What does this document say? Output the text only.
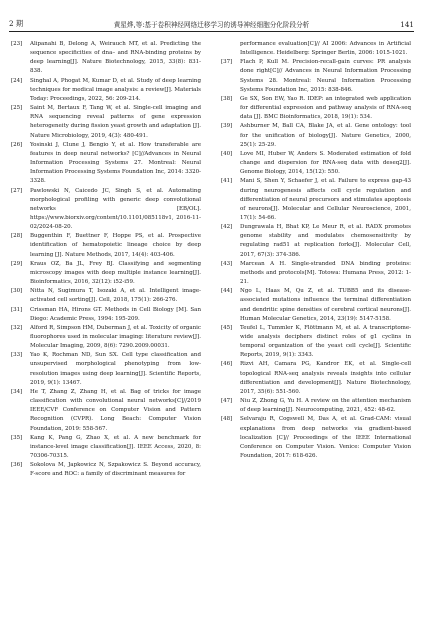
2 期	黄星烨,等:基于卷积神经网络迁移学习的诱导神经细胞分化阶段分析	141
[23]	Alipanahi B, Delong A, Weirauch MT, et al. Predicting the sequence specificities of dna– and RNA-binding proteins by deep learning[J]. Nature Biotechnology, 2015, 33(8): 831-838.
[24]	Singhal A, Phogat M, Kumar D, et al. Study of deep learning techniques for medical image analysis: a review[J]. Materials Today: Proceedings, 2022, 56: 209-214.
[25]	Saint M, Bertaux F, Tang W, et al. Single-cell imaging and RNA sequencing reveal patterns of gene expression heterogeneity during fission yeast growth and adaptation [J]. Nature Microbiology, 2019, 4(3): 480-491.
[26]	Yosinski J, Clune J, Bengio Y, et al. How transferable are features in deep neural networks? [C]//Advances in Neural Information Processing Systems 27. Montreal: Neural Information Processing Systems Foundation Inc, 2014: 3320-3328.
[27]	Pawlowski N, Caicedo JC, Singh S, et al. Automating morphological profiling with generic deep convolutional networks [EB/OL]. https://www.biorxiv.org/content/10.1101/085118v1, 2016-11-02/2024-08-20.
[28]	Buggenthin F, Buettner F, Hoppe PS, et al. Prospective identification of hematopoietic lineage choice by deep learning [J]. Nature Methods, 2017, 14(4): 403-406.
[29]	Kraus OZ, Ba JL, Frey BJ. Classifying and segmenting microscopy images with deep multiple instance learning[J]. Bioinformatics, 2016, 32(12): i52-i59.
[30]	Nitta N, Sugimura T, Isozaki A, et al. Intelligent image-activated cell sorting[J]. Cell, 2018, 175(1): 266-276.
[31]	Crissman HA, Hirons GT. Methods in Cell Biology [M]. San Diego: Academic Press, 1994: 195-209.
[32]	Alford R, Simpson HM, Duberman J, et al. Toxicity of organic fluorophores used in molecular imaging: literature review[J]. Molecular Imaging, 2009, 8(6): 7290.2009.00031.
[33]	Yao K, Rochman ND, Sun SX. Cell type classification and unsupervised morphological phenotyping from low-resolution images using deep learning[J]. Scientific Reports, 2019, 9(1): 13467.
[34]	He T, Zhang Z, Zhang H, et al. Bag of tricks for image classification with convolutional neural networks[C]//2019 IEEE/CVF Conference on Computer Vision and Pattern Recognition (CVPR). Long Beach: Computer Vision Foundation, 2019: 558-567.
[35]	Kang K, Pang G, Zhao X, et al. A new benchmark for instance-level image classification[J]. IEEE Access, 2020, 8: 70306-70315.
[36]	Sokolova M, Japkowicz N, Szpakowicz S. Beyond accuracy, F-score and ROC: a family of discriminant measures for
performance evaluation[C]// AI 2006: Advances in Artificial Intelligence. Heidelberg: Springer Berlin, 2006: 1015-1021.
[37]	Flach P, Kull M. Precision-recall-gain curves: PR analysis done right[C]// Advances in Neural Information Processing Systems 28. Montreal: Neural Information Processing Systems Foundation Inc, 2015: 838-846.
[38]	Ge SX, Son EW, Yao R. IDEP: an integrated web application for differential expression and pathway analysis of RNA-seq data [J]. BMC Bioinformatics, 2018, 19(1): 534.
[39]	Ashburner M, Ball CA, Blake JA, et al. Gene ontology: tool for the unification of biology[J]. Nature Genetics, 2000, 25(1): 25-29.
[40]	Love MI, Huber W, Anders S. Moderated estimation of fold change and dispersion for RNA-seq data with deseq2[J]. Genome Biology, 2014, 15(12): 550.
[41]	Mani S, Shen Y, Schaefer J, et al. Failure to express gap-43 during neurogenesis affects cell cycle regulation and differentiation of neural precursors and stimulates apoptosis of neurons[J]. Molecular and Cellular Neuroscience, 2001, 17(1): 54-66.
[42]	Dungrawala H, Bhat KP, Le Meur R, et al. RADX promotes genome stability and modulates chemosensitivity by regulating rad51 at replication forks[J]. Molecular Cell, 2017, 67(3): 374-386.
[43]	Marcean A H. Single-stranded DNA binding proteins: methods and protocols[M]. Totowa: Humana Press, 2012: 1-21.
[44]	Ngo L, Haas M, Qu Z, et al. TUBB5 and its disease-associated mutations influence the terminal differentiation and dendritic spine densities of cerebral cortical neurons[J]. Human Molecular Genetics, 2014, 23(19): 5147-5158.
[45]	Teufel L, Tummler K, Flöttmann M, et al. A transcriptome-wide analysis deciphers distinct roles of g1 cyclins in temporal organization of the yeast cell cycle[J]. Scientific Reports, 2019, 9(1): 3343.
[46]	Rizvi AH, Camara PG, Kandror EK, et al. Single-cell topological RNA-seq analysis reveals insights into cellular differentiation and development[J]. Nature Biotechnology, 2017, 35(6): 551-560.
[47]	Niu Z, Zhong G, Yu H. A review on the attention mechanism of deep learning[J]. Neurocomputing, 2021, 452: 48-62.
[48]	Selvaraju R, Cogswell M, Das A, et al. Grad-CAM: visual explanations from deep networks via gradient-based localization [C]// Proceedings of the IEEE International Conference on Computer Vision. Venice: Computer Vision Foundation, 2017: 618-626.
